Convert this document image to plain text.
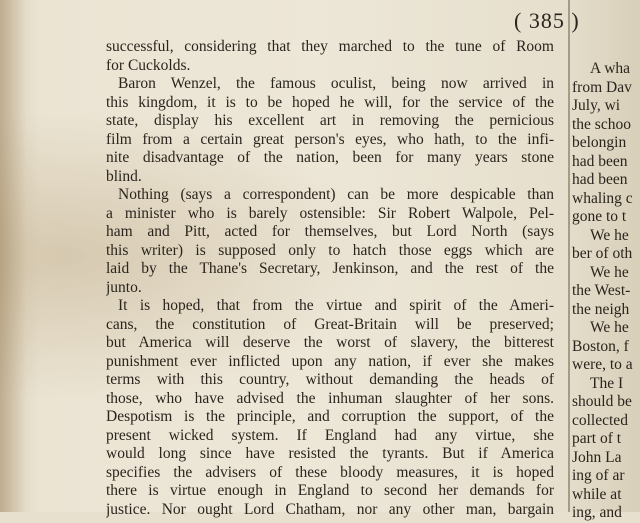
( 385 )
successful, considering that they marched to the tune of Room
for Cuckolds.
Baron Wenzel, the famous oculist, being now arrived in
this kingdom, it is to be hoped he will, for the service of the
state, display his excellent art in removing the pernicious
film from a certain great person's eyes, who hath, to the infi-
nite disadvantage of the nation, been for many years stone
blind.
Nothing (says a correspondent) can be more despicable than
a minister who is barely ostensible: Sir Robert Walpole, Pel-
ham and Pitt, acted for themselves, but Lord North (says
this writer) is supposed only to hatch those eggs which are
laid by the Thane's Secretary, Jenkinson, and the rest of the
junto.
It is hoped, that from the virtue and spirit of the Ameri-
cans, the constitution of Great-Britain will be preserved;
but America will deserve the worst of slavery, the bitterest
punishment ever inflicted upon any nation, if ever she makes
terms with this country, without demanding the heads of
those, who have advised the inhuman slaughter of her sons.
Despotism is the principle, and corruption the support, of the
present wicked system. If England had any virtue, she
would long since have resisted the tyrants. But if America
specifies the advisers of these bloody measures, it is hoped
there is virtue enough in England to second her demands for
justice. Nor ought Lord Chatham, nor any other man, bargain
A wha
from Dav
July, wi
the schoo
belongin
had been
had been
whaling c
gone to t
We he
ber of oth
We he
the West-
the neigh
We he
Boston, f
were, to a
The I
should be
collected
part of t
John La
ing of ar
while at
ing, and
